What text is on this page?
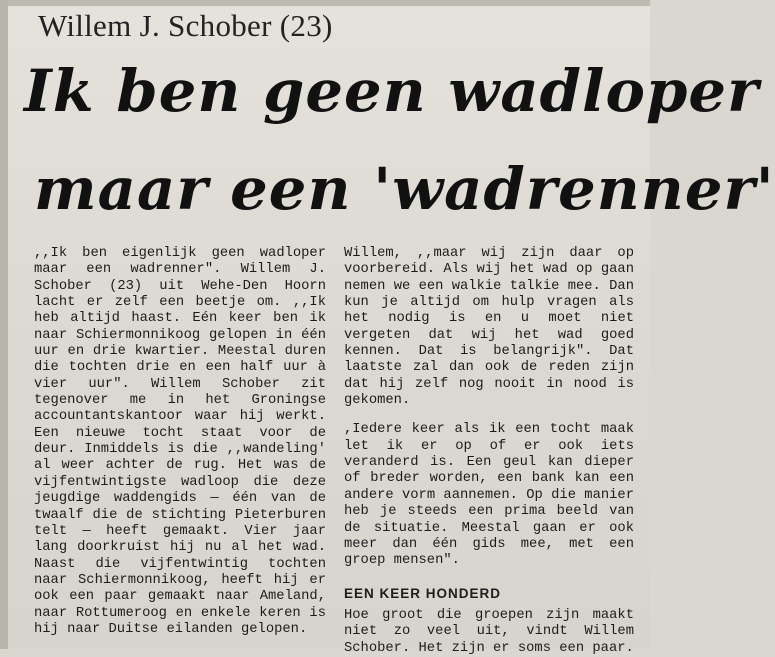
Willem J. Schober (23)
Ik ben geen wadloper
maar een 'wadrenner'

,,Ik ben eigenlijk geen wadloper maar een wadrenner". Willem J. Schober (23) uit Wehe-Den Hoorn lacht er zelf een beetje om. ,,Ik heb altijd haast. Eén keer ben ik naar Schiermonnikoog gelopen in één uur en drie kwartier. Meestal duren die tochten drie en een half uur à vier uur". Willem Schober zit tegenover me in het Groningse accountantskantoor waar hij werkt. Een nieuwe tocht staat voor de deur. Inmiddels is die ,,wandeling' al weer achter de rug. Het was de vijfentwintigste wadloop die deze jeugdige waddengids — één van de twaalf die de stichting Pieterburen telt — heeft gemaakt. Vier jaar lang doorkruist hij nu al het wad. Naast die vijfentwintig tochten naar Schiermonnikoog, heeft hij er ook een paar gemaakt naar Ameland, naar Rottumeroog en enkele keren is hij naar Duitse eilanden gelopen.

Willem, ,,maar wij zijn daar op voorbereid. Als wij het wad op gaan nemen we een walkie talkie mee. Dan kun je altijd om hulp vragen als het nodig is en u moet niet vergeten dat wij het wad goed kennen. Dat is belangrijk". Dat laatste zal dan ook de reden zijn dat hij zelf nog nooit in nood is gekomen.

,Iedere keer als ik een tocht maak let ik er op of er ook iets veranderd is. Een geul kan dieper of breder worden, een bank kan een andere vorm aannemen. Op die manier heb je steeds een prima beeld van de situatie. Meestal gaan er ook meer dan één gids mee, met een groep mensen".

EEN KEER HONDERD

Hoe groot die groepen zijn maakt niet zo veel uit, vindt Willem Schober. Het zijn er soms een paar.
